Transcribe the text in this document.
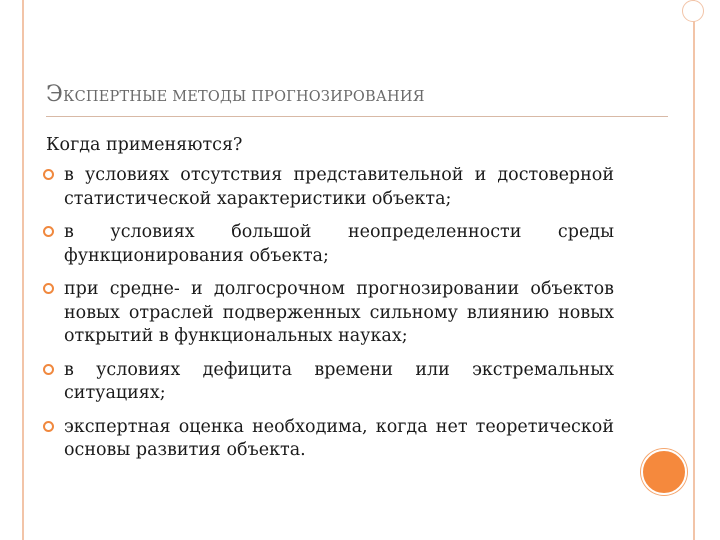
ЭКСПЕРТНЫЕ МЕТОДЫ ПРОГНОЗИРОВАНИЯ
Когда применяются?
в условиях отсутствия представительной и достоверной статистической характеристики объекта;
в условиях большой неопределенности среды функционирования объекта;
при средне- и долгосрочном прогнозировании объектов новых отраслей подверженных сильному влиянию новых открытий в функциональных науках;
в условиях дефицита времени или экстремальных ситуациях;
экспертная оценка необходима, когда нет теоретической основы развития объекта.
